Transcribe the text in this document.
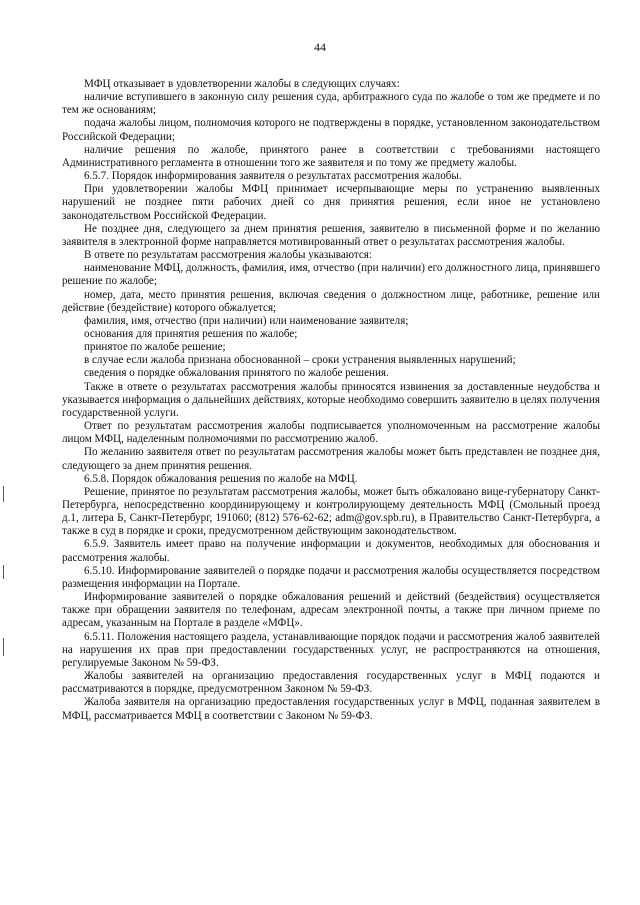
44

МФЦ отказывает в удовлетворении жалобы в следующих случаях:

наличие вступившего в законную силу решения суда, арбитражного суда по жалобе о том же предмете и по тем же основаниям;

подача жалобы лицом, полномочия которого не подтверждены в порядке, установленном законодательством Российской Федерации;

наличие решения по жалобе, принятого ранее в соответствии с требованиями настоящего Административного регламента в отношении того же заявителя и по тому же предмету жалобы.

6.5.7. Порядок информирования заявителя о результатах рассмотрения жалобы.

При удовлетворении жалобы МФЦ принимает исчерпывающие меры по устранению выявленных нарушений не позднее пяти рабочих дней со дня принятия решения, если иное не установлено законодательством Российской Федерации.

Не позднее дня, следующего за днем принятия решения, заявителю в письменной форме и по желанию заявителя в электронной форме направляется мотивированный ответ о результатах рассмотрения жалобы.

В ответе по результатам рассмотрения жалобы указываются:

наименование МФЦ, должность, фамилия, имя, отчество (при наличии) его должностного лица, принявшего решение по жалобе;

номер, дата, место принятия решения, включая сведения о должностном лице, работнике, решение или действие (бездействие) которого обжалуется;

фамилия, имя, отчество (при наличии) или наименование заявителя;

основания для принятия решения по жалобе;

принятое по жалобе решение;

в случае если жалоба признана обоснованной – сроки устранения выявленных нарушений;

сведения о порядке обжалования принятого по жалобе решения.

Также в ответе о результатах рассмотрения жалобы приносятся извинения за доставленные неудобства и указывается информация о дальнейших действиях, которые необходимо совершить заявителю в целях получения государственной услуги.

Ответ по результатам рассмотрения жалобы подписывается уполномоченным на рассмотрение жалобы лицом МФЦ, наделенным полномочиями по рассмотрению жалоб.

По желанию заявителя ответ по результатам рассмотрения жалобы может быть представлен не позднее дня, следующего за днем принятия решения.

6.5.8. Порядок обжалования решения по жалобе на МФЦ.

Решение, принятое по результатам рассмотрения жалобы, может быть обжаловано вице-губернатору Санкт-Петербурга, непосредственно координирующему и контролирующему деятельность МФЦ (Смольный проезд д.1, литера Б, Санкт-Петербург, 191060; (812) 576-62-62; adm@gov.spb.ru), в Правительство Санкт-Петербурга, а также в суд в порядке и сроки, предусмотренном действующим законодательством.

6.5.9. Заявитель имеет право на получение информации и документов, необходимых для обоснования и рассмотрения жалобы.

6.5.10. Информирование заявителей о порядке подачи и рассмотрения жалобы осуществляется посредством размещения информации на Портале.

Информирование заявителей о порядке обжалования решений и действий (бездействия) осуществляется также при обращении заявителя по телефонам, адресам электронной почты, а также при личном приеме по адресам, указанным на Портале в разделе «МФЦ».

6.5.11. Положения настоящего раздела, устанавливающие порядок подачи и рассмотрения жалоб заявителей на нарушения их прав при предоставлении государственных услуг, не распространяются на отношения, регулируемые Законом № 59-ФЗ.

Жалобы заявителей на организацию предоставления государственных услуг в МФЦ подаются и рассматриваются в порядке, предусмотренном Законом № 59-ФЗ.

Жалоба заявителя на организацию предоставления государственных услуг в МФЦ, поданная заявителем в МФЦ, рассматривается МФЦ в соответствии с Законом № 59-ФЗ.
